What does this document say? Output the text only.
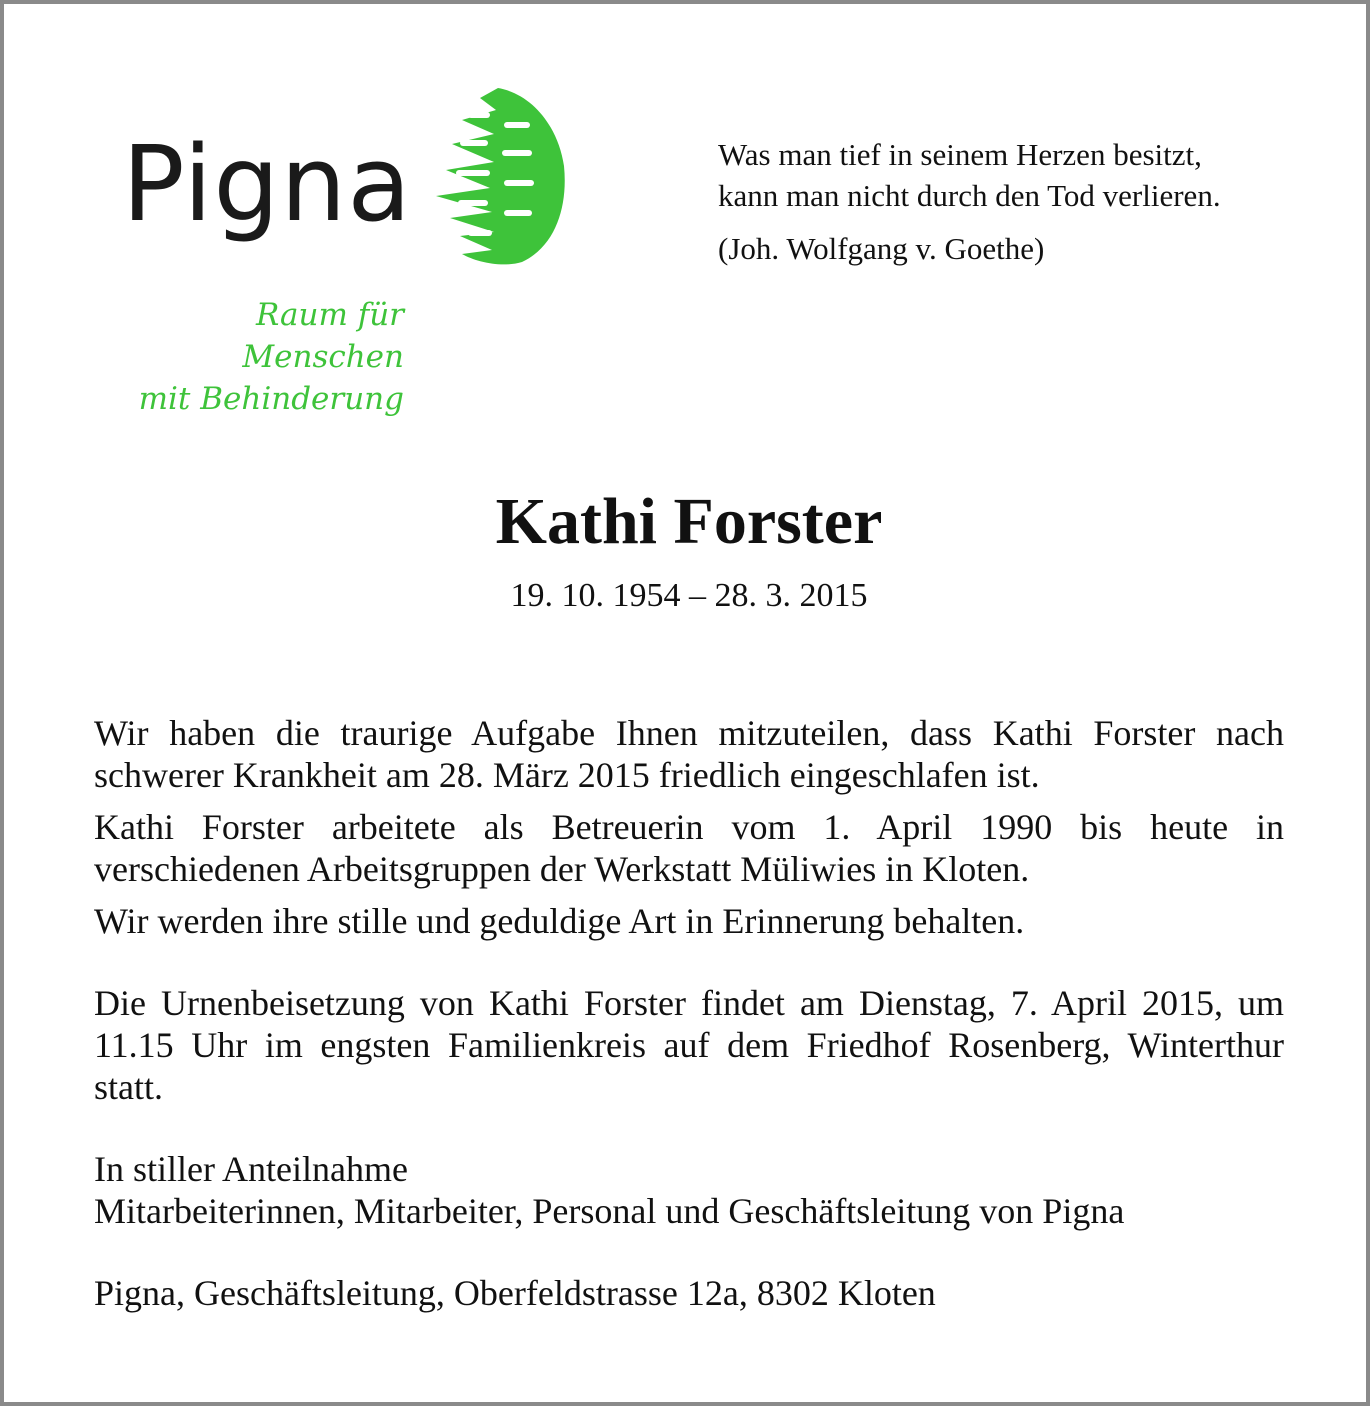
Pigna
Raum für Menschen
mit Behinderung
Was man tief in seinem Herzen besitzt,
kann man nicht durch den Tod verlieren.
(Joh. Wolfgang v. Goethe)
Kathi Forster
19. 10. 1954 – 28. 3. 2015

Wir haben die traurige Aufgabe Ihnen mitzuteilen, dass Kathi Forster nach schwerer Krankheit am 28. März 2015 friedlich eingeschlafen ist.

Kathi Forster arbeitete als Betreuerin vom 1. April 1990 bis heute in verschiedenen Arbeitsgruppen der Werkstatt Müliwies in Kloten.

Wir werden ihre stille und geduldige Art in Erinnerung behalten.

Die Urnenbeisetzung von Kathi Forster findet am Dienstag, 7. April 2015, um 11.15 Uhr im engsten Familienkreis auf dem Friedhof Rosenberg, Winterthur statt.

In stiller Anteilnahme

Mitarbeiterinnen, Mitarbeiter, Personal und Geschäftsleitung von Pigna

Pigna, Geschäftsleitung, Oberfeldstrasse 12a, 8302 Kloten
